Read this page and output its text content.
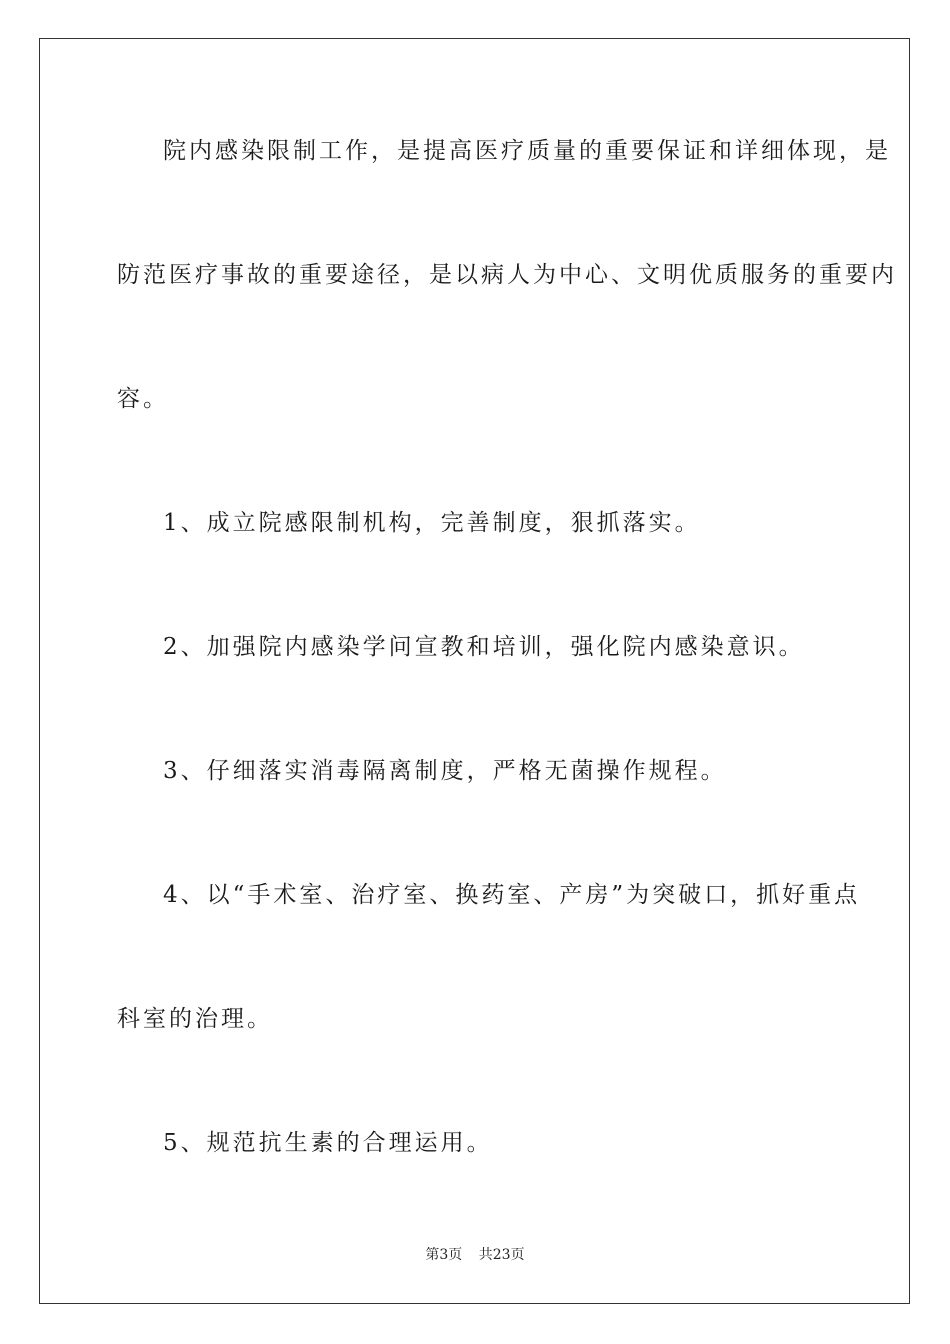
院内感染限制工作，是提高医疗质量的重要保证和详细体现，是
防范医疗事故的重要途径，是以病人为中心、文明优质服务的重要内
容。
1、成立院感限制机构，完善制度，狠抓落实。
2、加强院内感染学问宣教和培训，强化院内感染意识。
3、仔细落实消毒隔离制度，严格无菌操作规程。
4、以“手术室、治疗室、换药室、产房”为突破口，抓好重点
科室的治理。
5、规范抗生素的合理运用。
第3页 共23页
